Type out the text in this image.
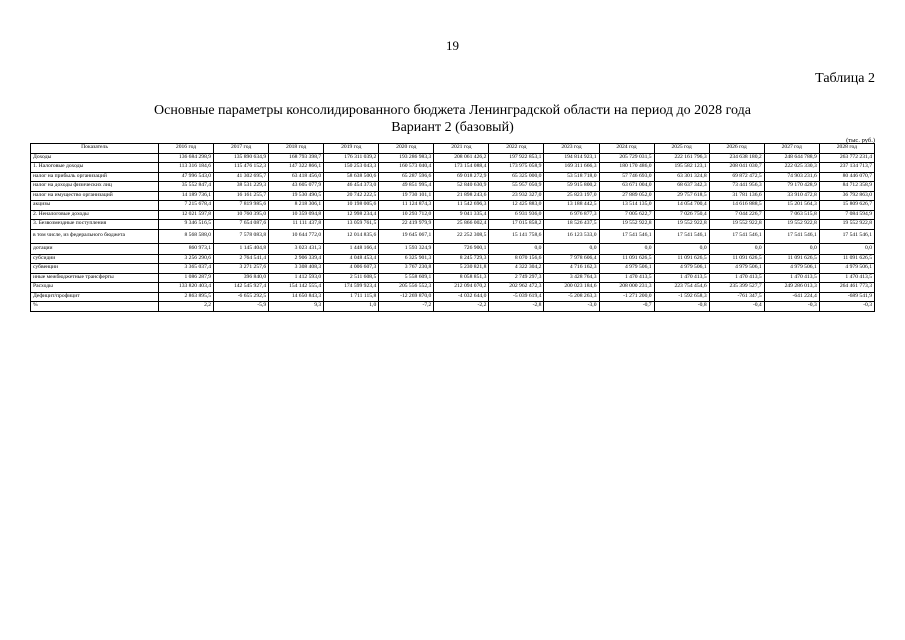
19
Таблица 2
Основные параметры консолидированного бюджета Ленинградской области на период до 2028 года
Вариант 2 (базовый)
(тыс. руб.)
Показатель	2016 год	2017 год	2018 год	2019 год	2020 год	2021 год	2022 год	2023 год	2024 год	2025 год	2026 год	2027 год	2028 год
Доходы	136 684 298,9	135 890 634,9	168 793 398,7	176 311 039,2	193 286 983,3	208 061 426,2	197 922 853,1	194 814 923,1	205 729 031,5	222 161 796,3	234 638 180,2	248 644 788,9	263 772 231,4
1. Налоговые доходы	113 316 184,6	115 476 152,3	147 322 866,1	150 253 043,3	160 573 040,4	173 154 088,4	173 975 058,9	169 311 666,3	180 170 486,0	195 582 123,1	208 041 030,7	222 025 330,3	237 134 713,7
налог на прибыль организаций	47 996 543,0	41 302 695,7	63 418 456,0	58 638 500,6	65 287 596,6	69 018 272,9	65 325 000,0	53 518 718,0	57 746 693,0	63 301 324,8	69 872 472,5	74 903 231,6	80 446 070,7
налог на доходы физических лиц	35 552 847,4	38 531 229,3	43 605 077,9	46 454 373,0	49 851 995,4	52 840 630,9	55 957 050,9	59 915 800,2	63 671 004,0	68 637 342,3	73 441 956,3	79 170 428,9	84 712 358,9
налог на имущество организаций	14 189 736,1	16 161 255,7	19 530 490,5	20 742 222,5	19 730 101,1	21 898 243,6	23 932 327,0	25 823 197,0	27 889 052,0	29 757 618,5	31 781 136,6	33 910 472,8	36 792 863,0
акцизы	7 215 678,4	7 819 985,6	8 218 306,1	10 198 005,6	11 124 874,3	11 542 696,3	12 425 883,0	13 188 442,5	13 514 135,0	14 054 700,4	14 616 888,5	15 201 564,3	15 809 626,7
2. Неналоговые доходы	12 021 597,8	10 760 395,0	10 359 094,8	12 998 234,4	10 293 712,0	9 041 335,4	6 931 936,0	6 976 877,3	7 005 622,7	7 026 750,4	7 044 226,7	7 063 515,8	7 084 594,9
3. Безвозмездные поступления	9 346 516,5	7 654 087,6	11 111 437,8	13 059 761,5	22 419 979,9	25 866 002,4	17 015 858,2	18 526 437,5	19 552 922,8	19 552 922,8	19 552 922,8	19 552 922,8	19 552 922,8
в том числе, из федерального бюджета	8 568 588,0	7 578 083,8	10 644 772,0	12 014 835,6	19 645 067,1	22 252 308,5	15 141 758,6	16 123 533,0	17 541 546,1	17 541 546,1	17 541 546,1	17 541 546,1	17 541 546,1
дотации	860 973,1	1 145 404,8	3 023 431,3	1 448 166,4	1 593 324,9	726 900,1	0,0	0,0	0,0	0,0	0,0	0,0	0,0
субсидии	3 256 290,6	2 764 541,4	2 906 339,4	4 048 453,4	6 325 901,3	8 245 729,3	8 070 156,6	7 978 606,4	11 091 626,5	11 091 626,5	11 091 626,5	11 091 626,5	11 091 626,5
субвенции	3 365 037,4	3 271 257,6	3 308 408,3	4 006 607,3	3 767 230,8	5 230 821,8	4 322 304,2	4 716 162,3	4 979 506,1	4 979 506,1	4 979 506,1	4 979 506,1	4 979 506,1
иные межбюджетные трансферты	1 086 287,9	396 840,0	1 412 593,0	2 511 608,5	5 558 609,1	8 058 851,3	2 749 297,3	3 428 764,3	1 470 413,5	1 470 413,5	1 470 413,5	1 470 413,5	1 470 413,5
Расходы	133 820 403,4	142 545 927,4	154 142 555,4	174 599 923,4	205 556 552,3	212 094 070,2	202 962 472,3	200 023 184,6	208 000 231,3	223 754 454,6	235 399 527,7	249 286 013,3	264 461 773,3
Дефицит/профицит	2 863 895,5	-6 655 292,5	14 650 843,3	1 711 115,8	-12 269 870,0	-4 032 644,0	-5 039 619,4	-5 208 263,3	-1 271 200,0	-1 592 658,3	-761 347,5	-641 224,4	-689 541,9
%	2,2	-5,9	9,3	1,0	-7,2	-2,2	-2,8	-3,0	-0,7	-0,8	-0,4	-0,3	-0,3
